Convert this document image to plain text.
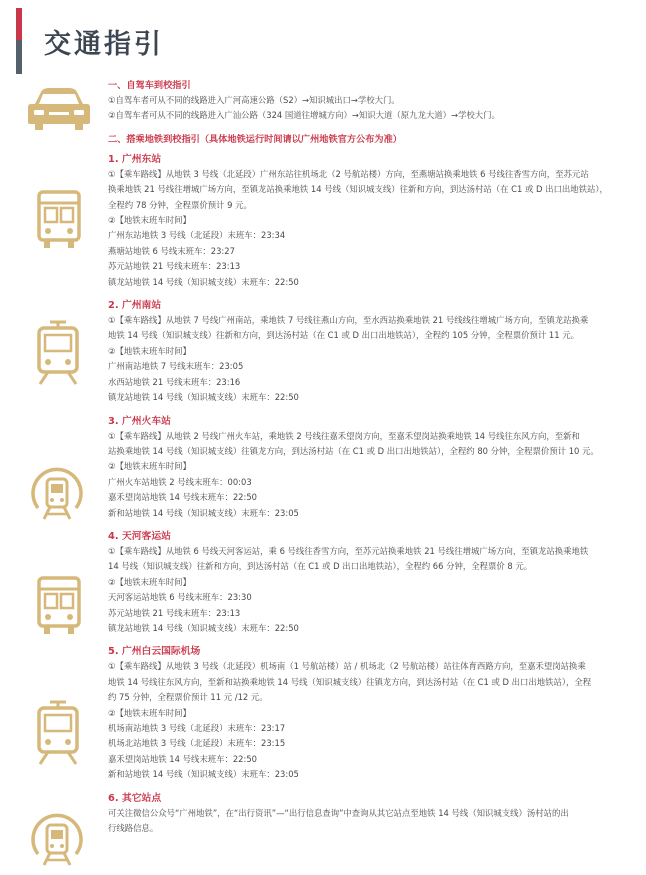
交通指引
一、自驾车到校指引
①自驾车者可从不同的线路进入广河高速公路（S2）→知识城出口→学校大门。
②自驾车者可从不同的线路进入广汕公路（324 国道往增城方向）→知识大道（原九龙大道）→学校大门。
二、搭乘地铁到校指引（具体地铁运行时间请以广州地铁官方公布为准）
1. 广州东站
①【乘车路线】从地铁 3 号线（北延段）广州东站往机场北（2 号航站楼）方向，至燕塘站换乘地铁 6 号线往香雪方向，至苏元站
换乘地铁 21 号线往增城广场方向，至镇龙站换乘地铁 14 号线（知识城支线）往新和方向，到达汤村站（在 C1 或 D 出口出地铁站），
全程约 78 分钟，全程票价预计 9 元。
②【地铁末班车时间】
广州东站地铁 3 号线（北延段）末班车：23:34
燕塘站地铁 6 号线末班车：23:27
苏元站地铁 21 号线末班车：23:13
镇龙站地铁 14 号线（知识城支线）末班车：22:50
2. 广州南站
①【乘车路线】从地铁 7 号线广州南站，乘地铁 7 号线往燕山方向，至水西站换乘地铁 21 号线线往增城广场方向，至镇龙站换乘
地铁 14 号线（知识城支线）往新和方向，到达汤村站（在 C1 或 D 出口出地铁站），全程约 105 分钟，全程票价预计 11 元。
②【地铁末班车时间】
广州南站地铁 7 号线末班车：23:05
水西站地铁 21 号线末班车：23:16
镇龙站地铁 14 号线（知识城支线）末班车：22:50
3. 广州火车站
①【乘车路线】从地铁 2 号线广州火车站，乘地铁 2 号线往嘉禾望岗方向，至嘉禾望岗站换乘地铁 14 号线往东风方向，至新和
站换乘地铁 14 号线（知识城支线）往镇龙方向，到达汤村站（在 C1 或 D 出口出地铁站），全程约 80 分钟，全程票价预计 10 元。
②【地铁末班车时间】
广州火车站地铁 2 号线末班车：00:03
嘉禾望岗站地铁 14 号线末班车：22:50
新和站地铁 14 号线（知识城支线）末班车：23:05
4. 天河客运站
①【乘车路线】从地铁 6 号线天河客运站，乘 6 号线往香雪方向，至苏元站换乘地铁 21 号线往增城广场方向，至镇龙站换乘地铁
14 号线（知识城支线）往新和方向，到达汤村站（在 C1 或 D 出口出地铁站），全程约 66 分钟，全程票价 8 元。
②【地铁末班车时间】
天河客运站地铁 6 号线末班车：23:30
苏元站地铁 21 号线末班车：23:13
镇龙站地铁 14 号线（知识城支线）末班车：22:50
5. 广州白云国际机场
①【乘车路线】从地铁 3 号线（北延段）机场南（1 号航站楼）站 / 机场北（2 号航站楼）站往体育西路方向，至嘉禾望岗站换乘
地铁 14 号线往东风方向，至新和站换乘地铁 14 号线（知识城支线）往镇龙方向，到达汤村站（在 C1 或 D 出口出地铁站），全程
约 75 分钟，全程票价预计 11 元 /12 元。
②【地铁末班车时间】
机场南站地铁 3 号线（北延段）末班车：23:17
机场北站地铁 3 号线（北延段）末班车：23:15
嘉禾望岗站地铁 14 号线末班车：22:50
新和站地铁 14 号线（知识城支线）末班车：23:05
6. 其它站点
可关注微信公众号“广州地铁”，在“出行资讯”—“出行信息查询”中查询从其它站点至地铁 14 号线（知识城支线）汤村站的出
行线路信息。
